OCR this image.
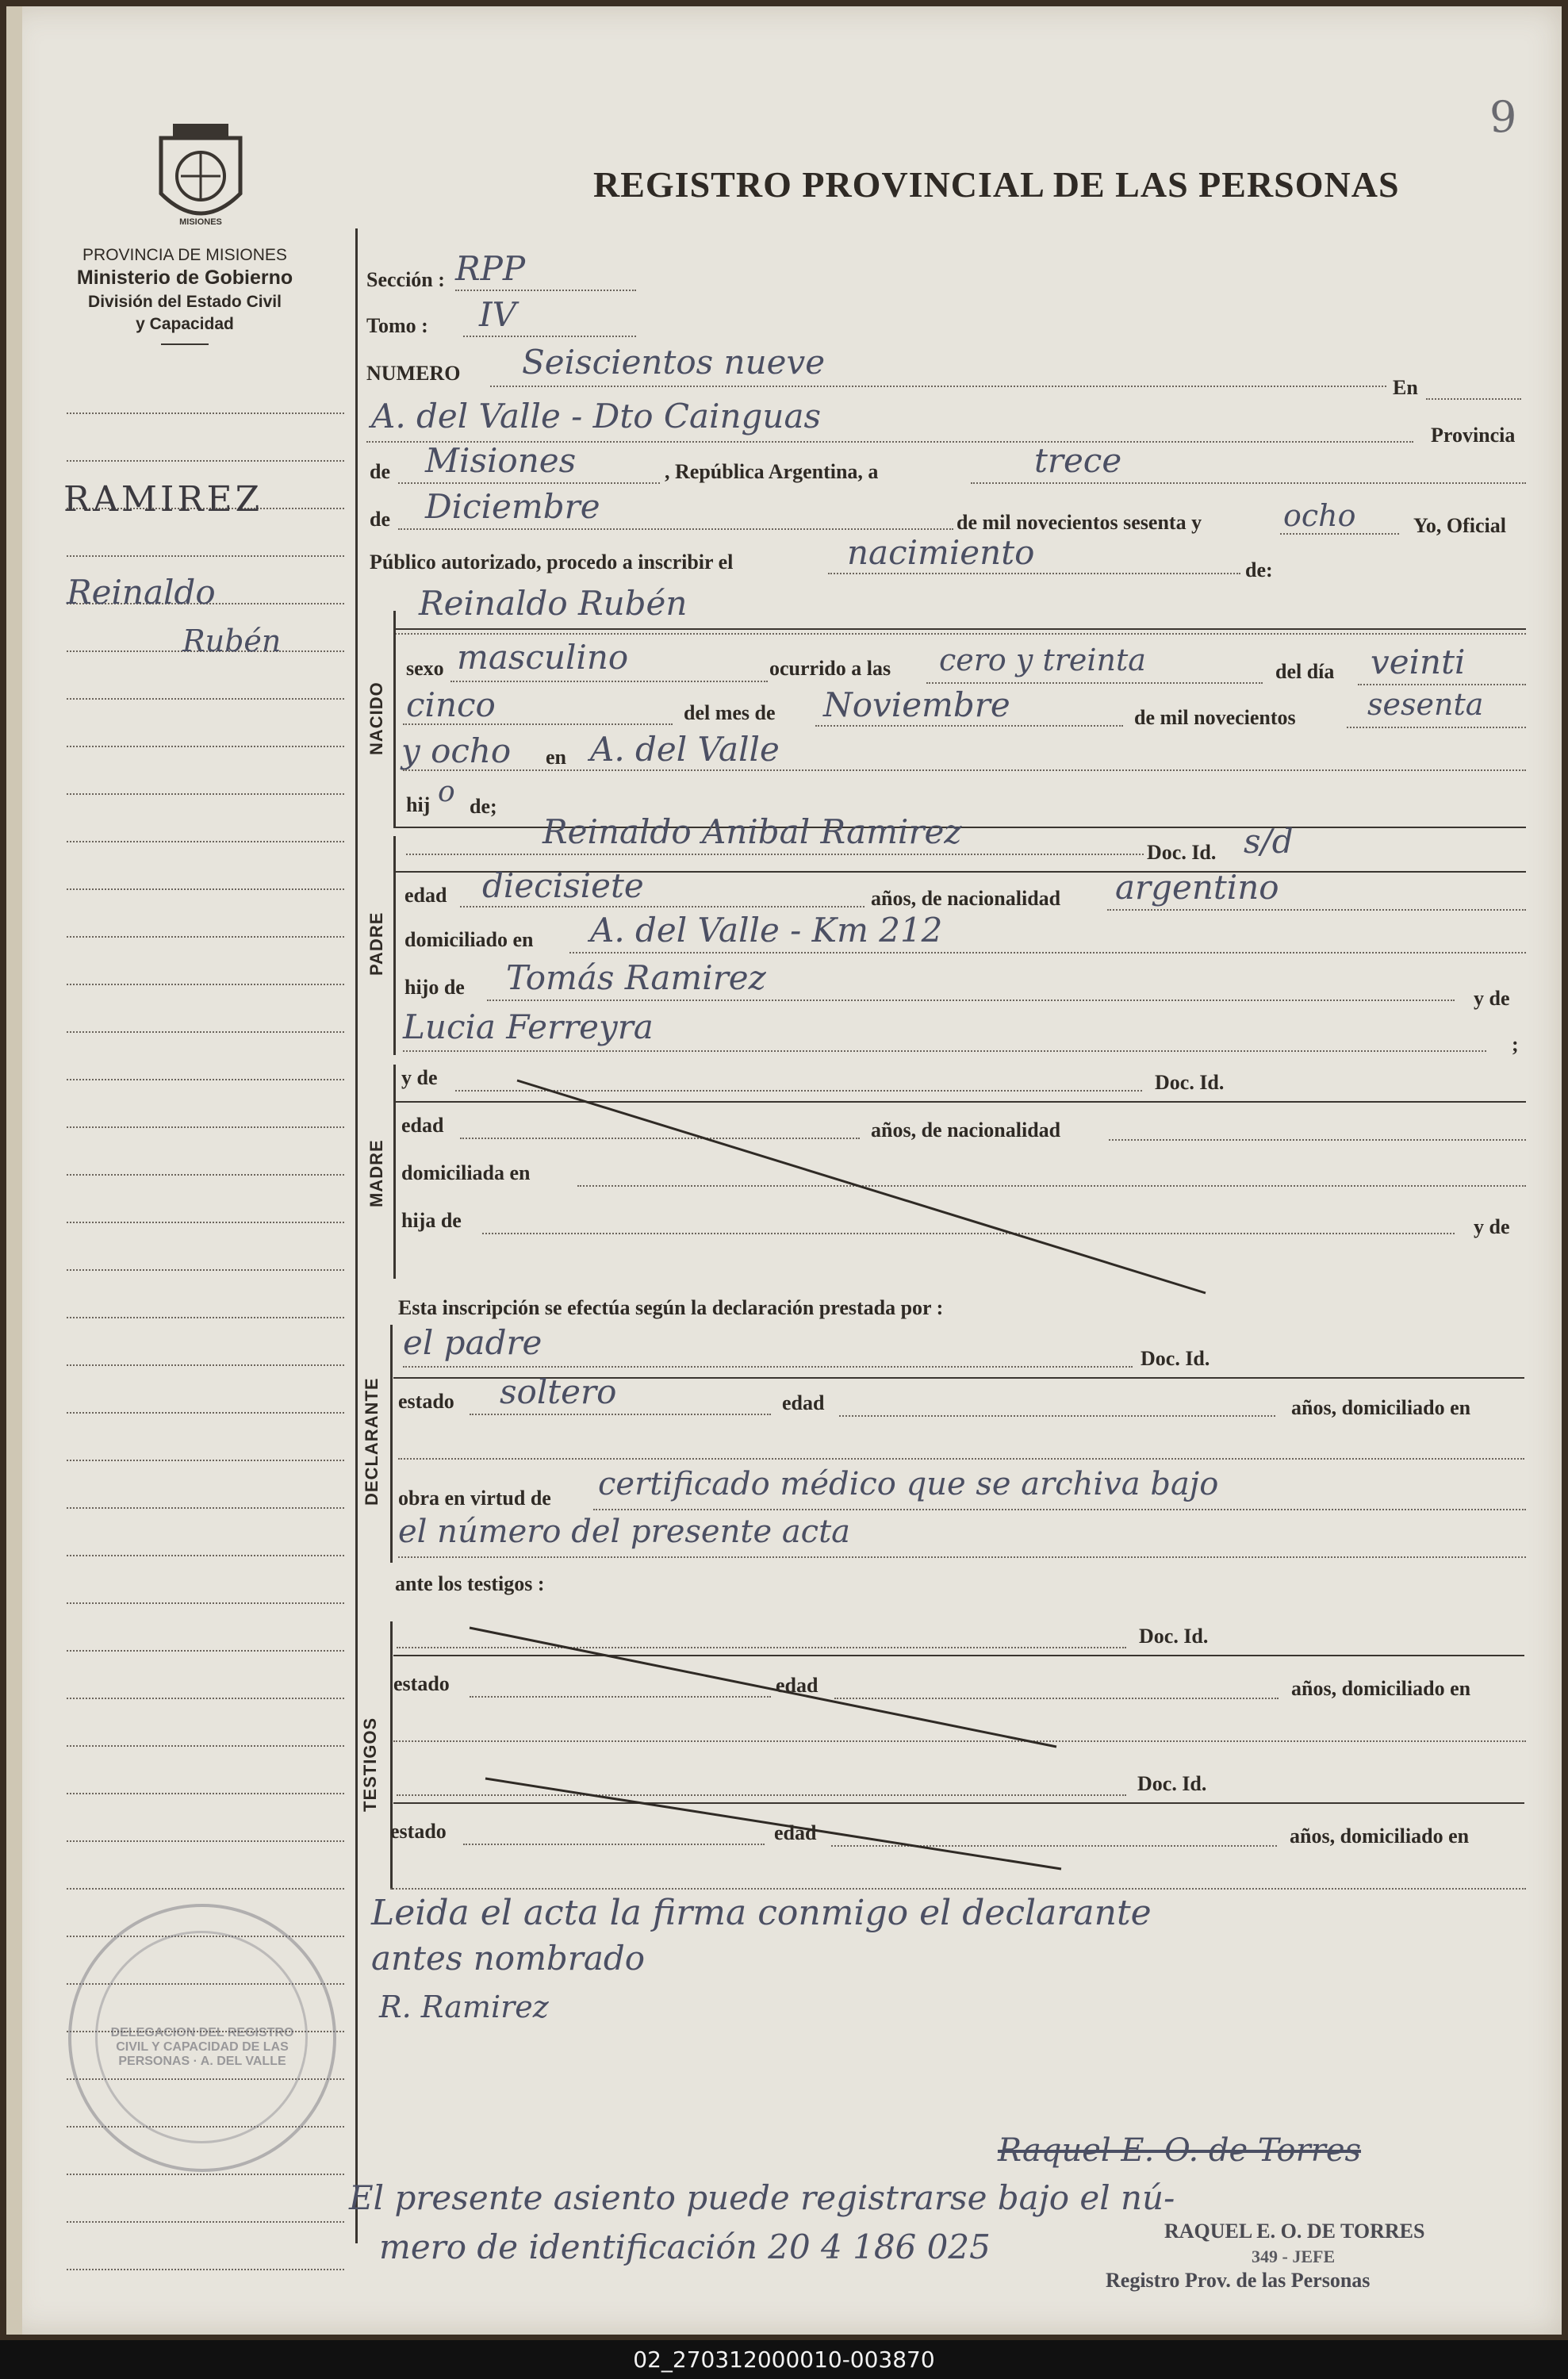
9
MISIONES
PROVINCIA DE MISIONES
Ministerio de Gobierno
División del Estado Civil
y Capacidad
REGISTRO PROVINCIAL DE LAS PERSONAS
RAMIREZ
Reinaldo
Rubén
Sección : RPP
Tomo : IV
NUMERO Seiscientos nueve
En
A. del Valle - Dto Cainguas	Provincia
de Misiones	, República Argentina, a	trece
de Diciembre	de mil novecientos sesenta y	ocho	Yo, Oficial
Público autorizado, procedo a inscribir el	nacimiento	de:
Reinaldo Rubén
NACIDO
sexo masculino	ocurrido a las cero y treinta	del día veinti
cinco	del mes de Noviembre	de mil novecientos sesenta
y ocho en A. del Valle
hij o de;
PADRE
Reinaldo Anibal Ramirez
Doc. Id. s/d
edad diecisiete	años, de nacionalidad argentino
domiciliado en A. del Valle - Km 212
hijo de Tomás Ramirez
y de
Lucia Ferreyra	;
MADRE
y de	Doc. Id.
edad	años, de nacionalidad
domiciliada en
hija de	y de
Esta inscripción se efectúa según la declaración prestada por :
DECLARANTE
el padre	Doc. Id.
estado soltero	edad	años, domiciliado en
obra en virtud de certificado médico que se archiva bajo
el número del presente acta
ante los testigos :
TESTIGOS
Doc. Id.
estado	edad	años, domiciliado en
Doc. Id.
estado	edad	años, domiciliado en
Leida el acta la firma conmigo el declarante
antes nombrado
R. Ramirez
Raquel E. O. de Torres
El presente asiento puede registrarse bajo el nú-
mero de identificación 20 4 186 025	RAQUEL E. O. DE TORRES
349 - JEFE
Registro Prov. de las Personas
DELEGACION DEL REGISTRO CIVIL Y CAPACIDAD DE LAS PERSONAS · A. DEL VALLE
02_270312000010-003870
